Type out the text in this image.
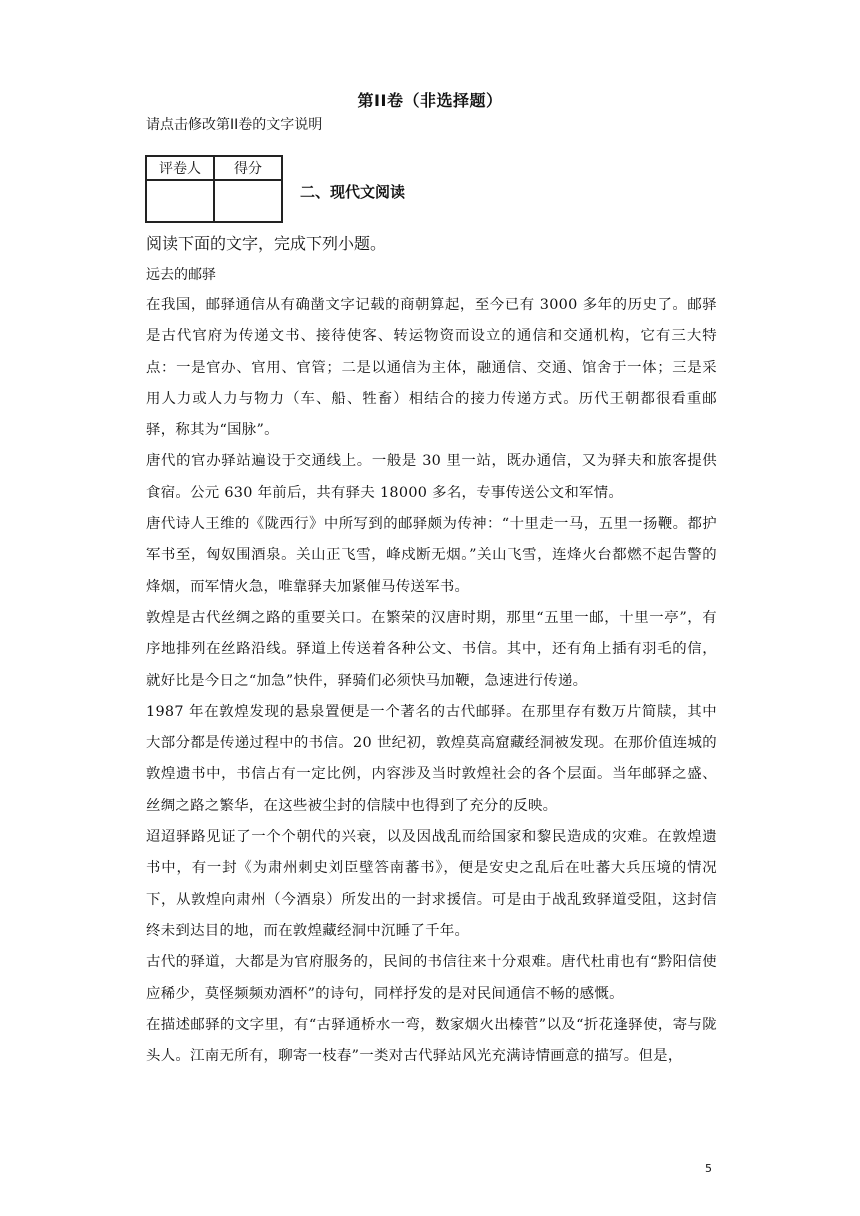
第II卷（非选择题）
请点击修改第II卷的文字说明
评卷人	得分

二、现代文阅读
阅读下面的文字，完成下列小题。
远去的邮驿

在我国，邮驿通信从有确凿文字记载的商朝算起，至今已有 3000 多年的历史了。邮驿是古代官府为传递文书、接待使客、转运物资而设立的通信和交通机构，它有三大特点：一是官办、官用、官管；二是以通信为主体，融通信、交通、馆舍于一体；三是采用人力或人力与物力（车、船、牲畜）相结合的接力传递方式。历代王朝都很看重邮驿，称其为“国脉”。

唐代的官办驿站遍设于交通线上。一般是 30 里一站，既办通信，又为驿夫和旅客提供食宿。公元 630 年前后，共有驿夫 18000 多名，专事传送公文和军情。

唐代诗人王维的《陇西行》中所写到的邮驿颇为传神：“十里走一马，五里一扬鞭。都护军书至，匈奴围酒泉。关山正飞雪，峰戍断无烟。”关山飞雪，连烽火台都燃不起告警的烽烟，而军情火急，唯靠驿夫加紧催马传送军书。

敦煌是古代丝绸之路的重要关口。在繁荣的汉唐时期，那里“五里一邮，十里一亭”，有序地排列在丝路沿线。驿道上传送着各种公文、书信。其中，还有角上插有羽毛的信，就好比是今日之“加急”快件，驿骑们必须快马加鞭，急速进行传递。

1987 年在敦煌发现的悬泉置便是一个著名的古代邮驿。在那里存有数万片简牍，其中大部分都是传递过程中的书信。20 世纪初，敦煌莫高窟藏经洞被发现。在那价值连城的敦煌遗书中，书信占有一定比例，内容涉及当时敦煌社会的各个层面。当年邮驿之盛、丝绸之路之繁华，在这些被尘封的信牍中也得到了充分的反映。

迢迢驿路见证了一个个朝代的兴衰，以及因战乱而给国家和黎民造成的灾难。在敦煌遗书中，有一封《为肃州刺史刘臣壁答南蕃书》，便是安史之乱后在吐蕃大兵压境的情况下，从敦煌向肃州（今酒泉）所发出的一封求援信。可是由于战乱致驿道受阻，这封信终未到达目的地，而在敦煌藏经洞中沉睡了千年。

古代的驿道，大都是为官府服务的，民间的书信往来十分艰难。唐代杜甫也有“黔阳信使应稀少，莫怪频频劝酒杯”的诗句，同样抒发的是对民间通信不畅的感慨。

在描述邮驿的文字里，有“古驿通桥水一弯，数家烟火出榛菅”以及“折花逢驿使，寄与陇头人。江南无所有，聊寄一枝春”一类对古代驿站风光充满诗情画意的描写。但是，

5
